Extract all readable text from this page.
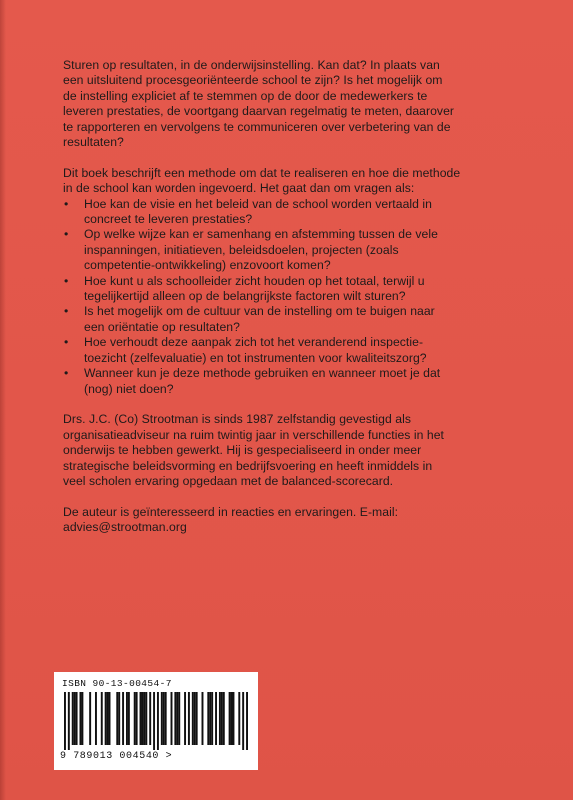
Sturen op resultaten, in de onderwijsinstelling. Kan dat? In plaats van
een uitsluitend procesgeoriënteerde school te zijn? Is het mogelijk om
de instelling expliciet af te stemmen op de door de medewerkers te
leveren prestaties, de voortgang daarvan regelmatig te meten, daarover
te rapporteren en vervolgens te communiceren over verbetering van de
resultaten?

Dit boek beschrijft een methode om dat te realiseren en hoe die methode
in de school kan worden ingevoerd. Het gaat dan om vragen als:

• Hoe kan de visie en het beleid van de school worden vertaald in
concreet te leveren prestaties?
• Op welke wijze kan er samenhang en afstemming tussen de vele
inspanningen, initiatieven, beleidsdoelen, projecten (zoals
competentie-ontwikkeling) enzovoort komen?
• Hoe kunt u als schoolleider zicht houden op het totaal, terwijl u
tegelijkertijd alleen op de belangrijkste factoren wilt sturen?
• Is het mogelijk om de cultuur van de instelling om te buigen naar
een oriëntatie op resultaten?
• Hoe verhoudt deze aanpak zich tot het veranderend inspectie-
toezicht (zelfevaluatie) en tot instrumenten voor kwaliteitszorg?
• Wanneer kun je deze methode gebruiken en wanneer moet je dat
(nog) niet doen?

Drs. J.C. (Co) Strootman is sinds 1987 zelfstandig gevestigd als
organisatieadviseur na ruim twintig jaar in verschillende functies in het
onderwijs te hebben gewerkt. Hij is gespecialiseerd in onder meer
strategische beleidsvorming en bedrijfsvoering en heeft inmiddels in
veel scholen ervaring opgedaan met de balanced-scorecard.

De auteur is geïnteresseerd in reacties en ervaringen. E-mail:
advies@strootman.org

ISBN 90-13-00454-7
9 789013 004540 >
